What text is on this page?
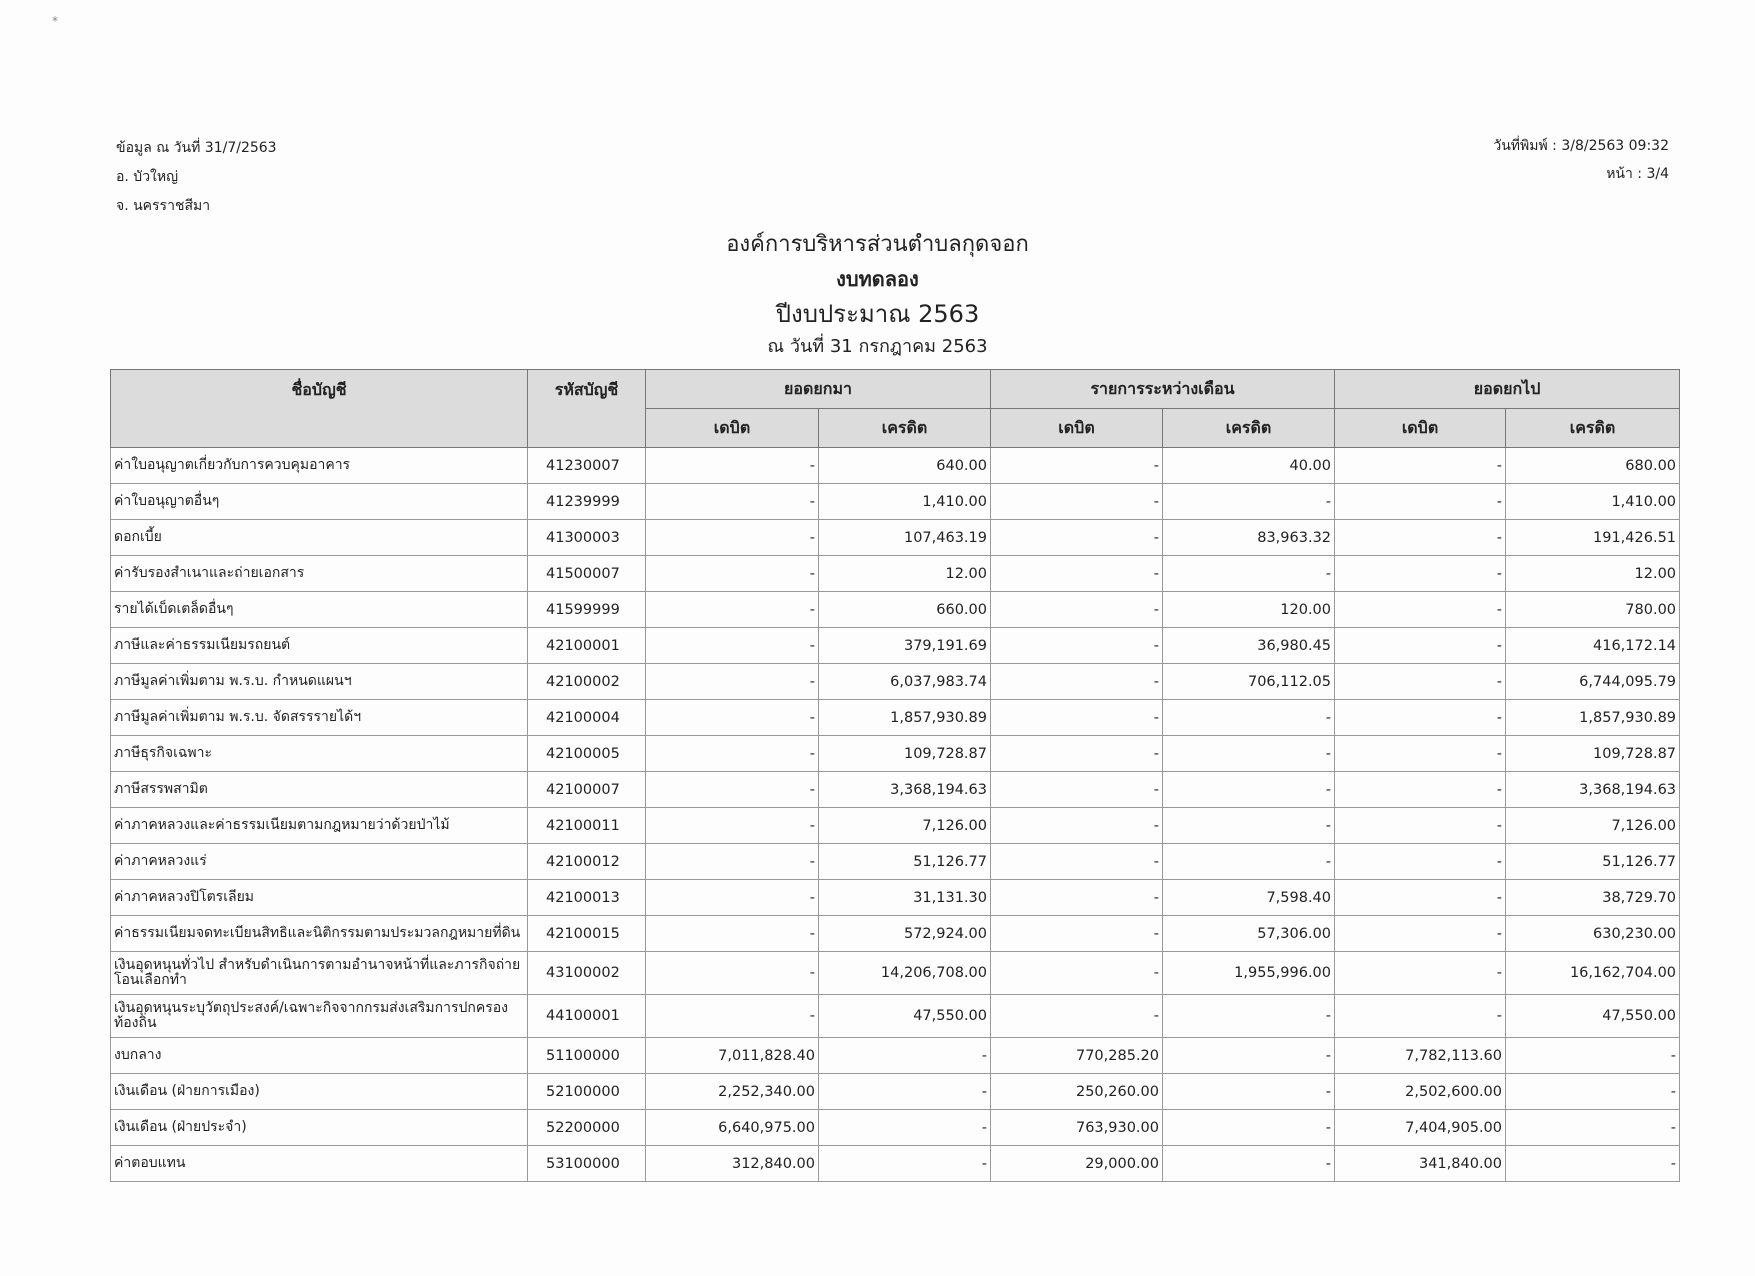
ข้อมูล ณ วันที่ 31/7/2563
อ. บัวใหญ่
จ. นครราชสีมา
วันที่พิมพ์ : 3/8/2563 09:32
หน้า : 3/4
องค์การบริหารส่วนตำบลกุดจอก
งบทดลอง
ปีงบประมาณ 2563
ณ วันที่ 31 กรกฎาคม 2563
ชื่อบัญชี	รหัสบัญชี	ยอดยกมา		รายการระหว่างเดือน		ยอดยกไป	
		เดบิต	เครดิต	เดบิต	เครดิต	เดบิต	เครดิต
ค่าใบอนุญาตเกี่ยวกับการควบคุมอาคาร	41230007	-	640.00	-	40.00	-	680.00
ค่าใบอนุญาตอื่นๆ	41239999	-	1,410.00	-	-	-	1,410.00
ดอกเบี้ย	41300003	-	107,463.19	-	83,963.32	-	191,426.51
ค่ารับรองสำเนาและถ่ายเอกสาร	41500007	-	12.00	-	-	-	12.00
รายได้เบ็ดเตล็ดอื่นๆ	41599999	-	660.00	-	120.00	-	780.00
ภาษีและค่าธรรมเนียมรถยนต์	42100001	-	379,191.69	-	36,980.45	-	416,172.14
ภาษีมูลค่าเพิ่มตาม พ.ร.บ. กำหนดแผนฯ	42100002	-	6,037,983.74	-	706,112.05	-	6,744,095.79
ภาษีมูลค่าเพิ่มตาม พ.ร.บ. จัดสรรรายได้ฯ	42100004	-	1,857,930.89	-	-	-	1,857,930.89
ภาษีธุรกิจเฉพาะ	42100005	-	109,728.87	-	-	-	109,728.87
ภาษีสรรพสามิต	42100007	-	3,368,194.63	-	-	-	3,368,194.63
ค่าภาคหลวงและค่าธรรมเนียมตามกฎหมายว่าด้วยป่าไม้	42100011	-	7,126.00	-	-	-	7,126.00
ค่าภาคหลวงแร่	42100012	-	51,126.77	-	-	-	51,126.77
ค่าภาคหลวงปิโตรเลียม	42100013	-	31,131.30	-	7,598.40	-	38,729.70
ค่าธรรมเนียมจดทะเบียนสิทธิและนิติกรรมตามประมวลกฎหมายที่ดิน	42100015	-	572,924.00	-	57,306.00	-	630,230.00
เงินอุดหนุนทั่วไป สำหรับดำเนินการตามอำนาจหน้าที่และภารกิจถ่ายโอนเลือกทำ	43100002	-	14,206,708.00	-	1,955,996.00	-	16,162,704.00
เงินอุดหนุนระบุวัตถุประสงค์/เฉพาะกิจจากกรมส่งเสริมการปกครองท้องถิ่น	44100001	-	47,550.00	-	-	-	47,550.00
งบกลาง	51100000	7,011,828.40	-	770,285.20	-	7,782,113.60	-
เงินเดือน (ฝ่ายการเมือง)	52100000	2,252,340.00	-	250,260.00	-	2,502,600.00	-
เงินเดือน (ฝ่ายประจำ)	52200000	6,640,975.00	-	763,930.00	-	7,404,905.00	-
ค่าตอบแทน	53100000	312,840.00	-	29,000.00	-	341,840.00	-
*
